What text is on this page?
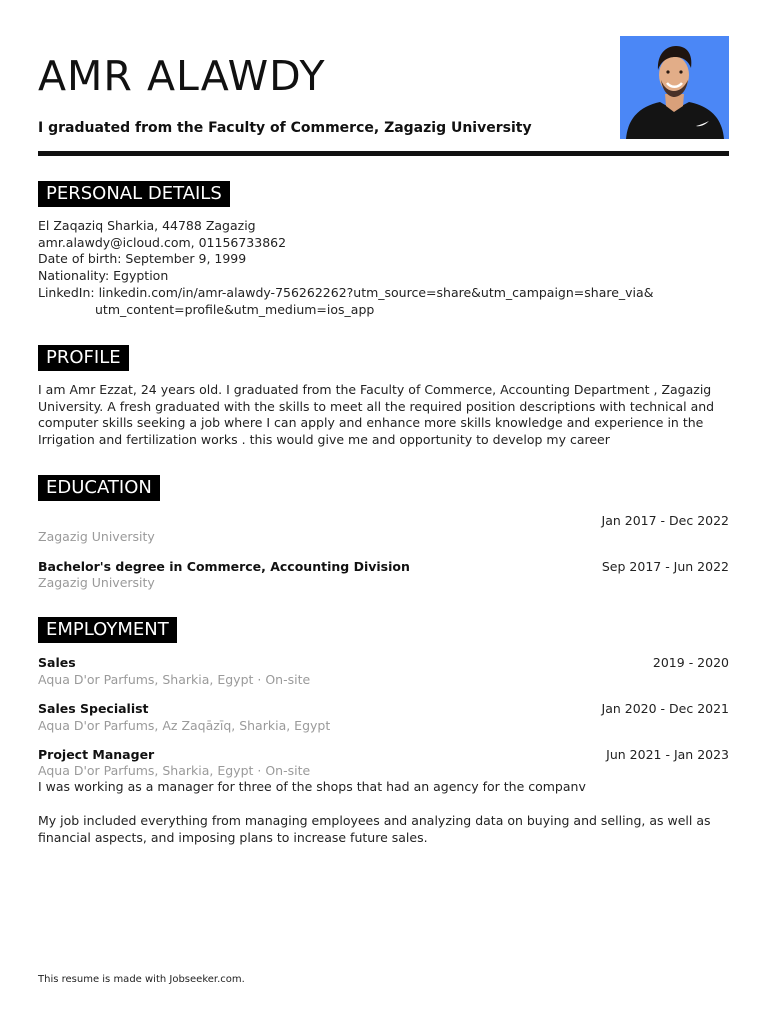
AMR ALAWDY
I graduated from the Faculty of Commerce, Zagazig University
PERSONAL DETAILS
El Zaqaziq Sharkia, 44788 Zagazig
amr.alawdy@icloud.com, 01156733862
Date of birth: September 9, 1999
Nationality: Egyption
LinkedIn: linkedin.com/in/amr-alawdy-756262262?utm_source=share&utm_campaign=share_via&
utm_content=profile&utm_medium=ios_app
PROFILE

I am Amr Ezzat, 24 years old. I graduated from the Faculty of Commerce, Accounting Department , Zagazig University. A fresh graduated with the skills to meet all the required position descriptions with technical and computer skills seeking a job where I can apply and enhance more skills knowledge and experience in the Irrigation and fertilization works . this would give me and opportunity to develop my career

EDUCATION
Jan 2017 - Dec 2022
Zagazig University
Bachelor's degree in Commerce, Accounting Division	Sep 2017 - Jun 2022
Zagazig University
EMPLOYMENT
Sales	2019 - 2020
Aqua D'or Parfums, Sharkia, Egypt · On-site
Sales Specialist	Jan 2020 - Dec 2021
Aqua D'or Parfums, Az Zaqāzīq, Sharkia, Egypt
Project Manager	Jun 2021 - Jan 2023
Aqua D'or Parfums, Sharkia, Egypt · On-site

I was working as a manager for three of the shops that had an agency for the companv

My job included everything from managing employees and analyzing data on buying and selling, as well as financial aspects, and imposing plans to increase future sales.

This resume is made with Jobseeker.com.
